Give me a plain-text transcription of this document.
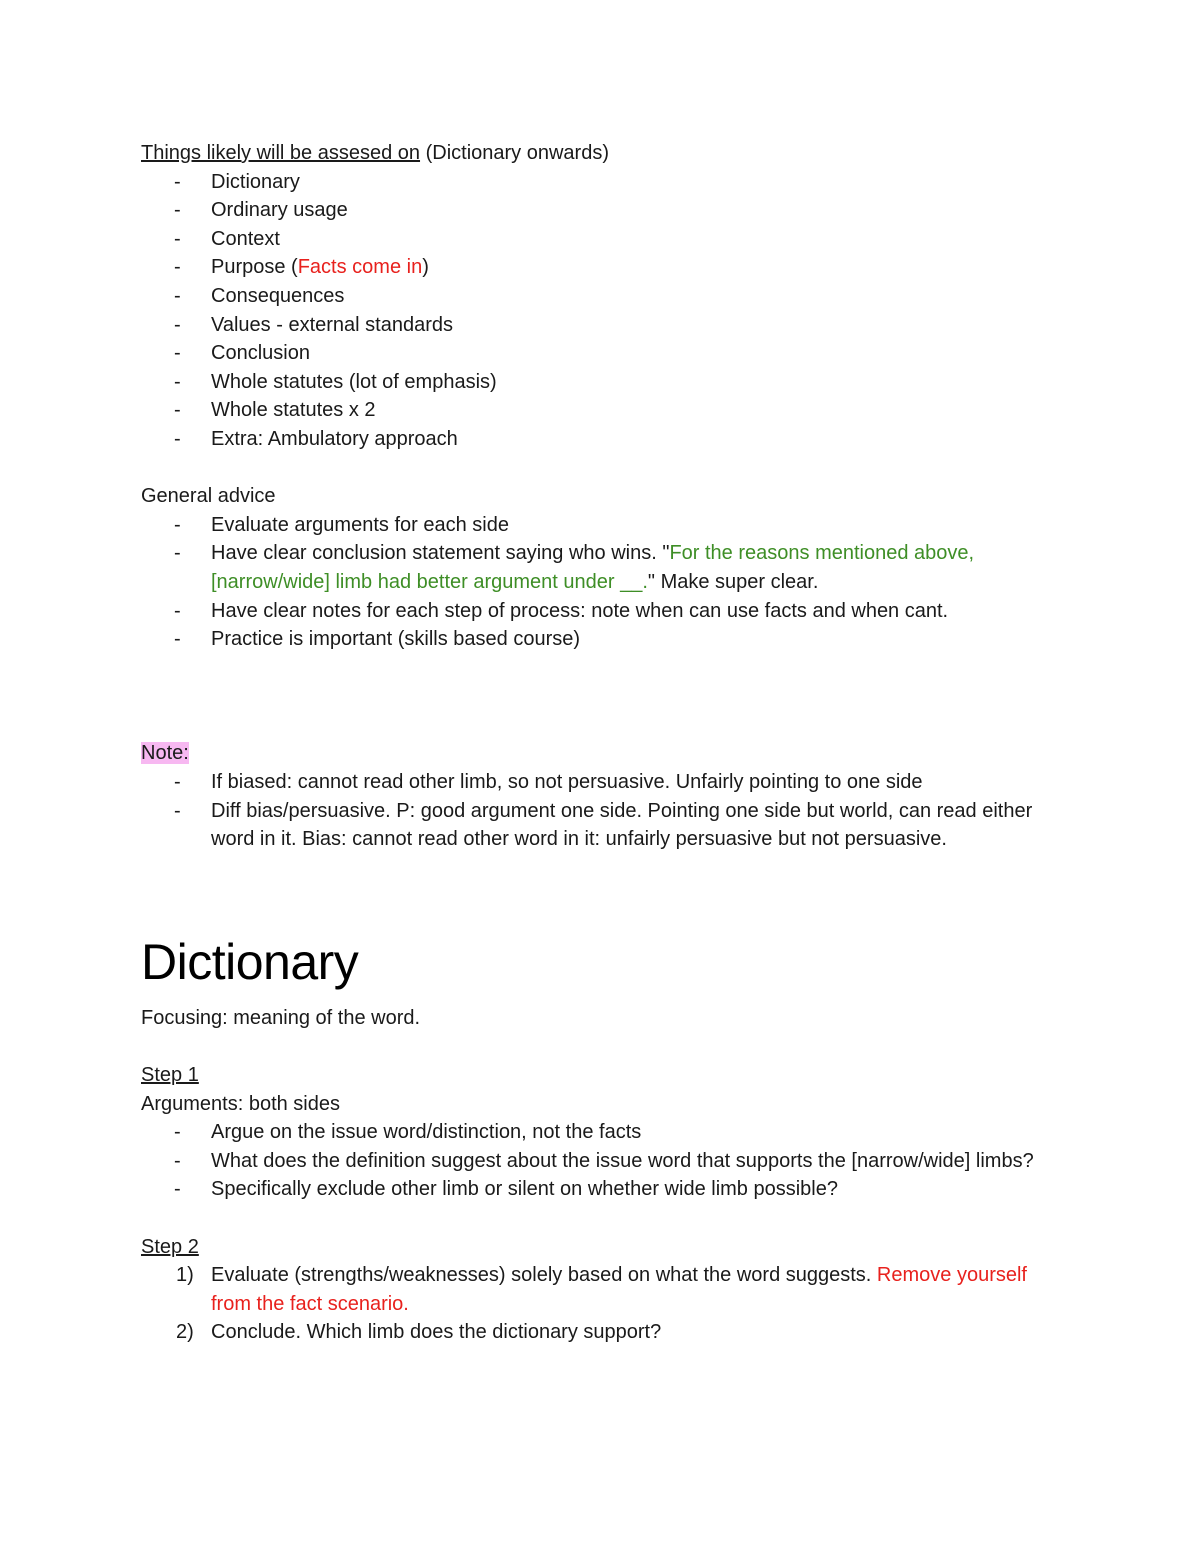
Things likely will be assesed on (Dictionary onwards)

- Dictionary
- Ordinary usage
- Context
- Purpose (Facts come in)
- Consequences
- Values - external standards
- Conclusion
- Whole statutes (lot of emphasis)
- Whole statutes x 2
- Extra: Ambulatory approach

General advice

- Evaluate arguments for each side
- Have clear conclusion statement saying who wins. "For the reasons mentioned above, [narrow/wide] limb had better argument under __." Make super clear.
- Have clear notes for each step of process: note when can use facts and when cant.
- Practice is important (skills based course)

Note:

- If biased: cannot read other limb, so not persuasive. Unfairly pointing to one side
- Diff bias/persuasive. P: good argument one side. Pointing one side but world, can read either word in it. Bias: cannot read other word in it: unfairly persuasive but not persuasive.
Dictionary

Focusing: meaning of the word.

Step 1

Arguments: both sides

- Argue on the issue word/distinction, not the facts
- What does the definition suggest about the issue word that supports the [narrow/wide] limbs?
- Specifically exclude other limb or silent on whether wide limb possible?

Step 2

1) Evaluate (strengths/weaknesses) solely based on what the word suggests. Remove yourself from the fact scenario.
2) Conclude. Which limb does the dictionary support?
